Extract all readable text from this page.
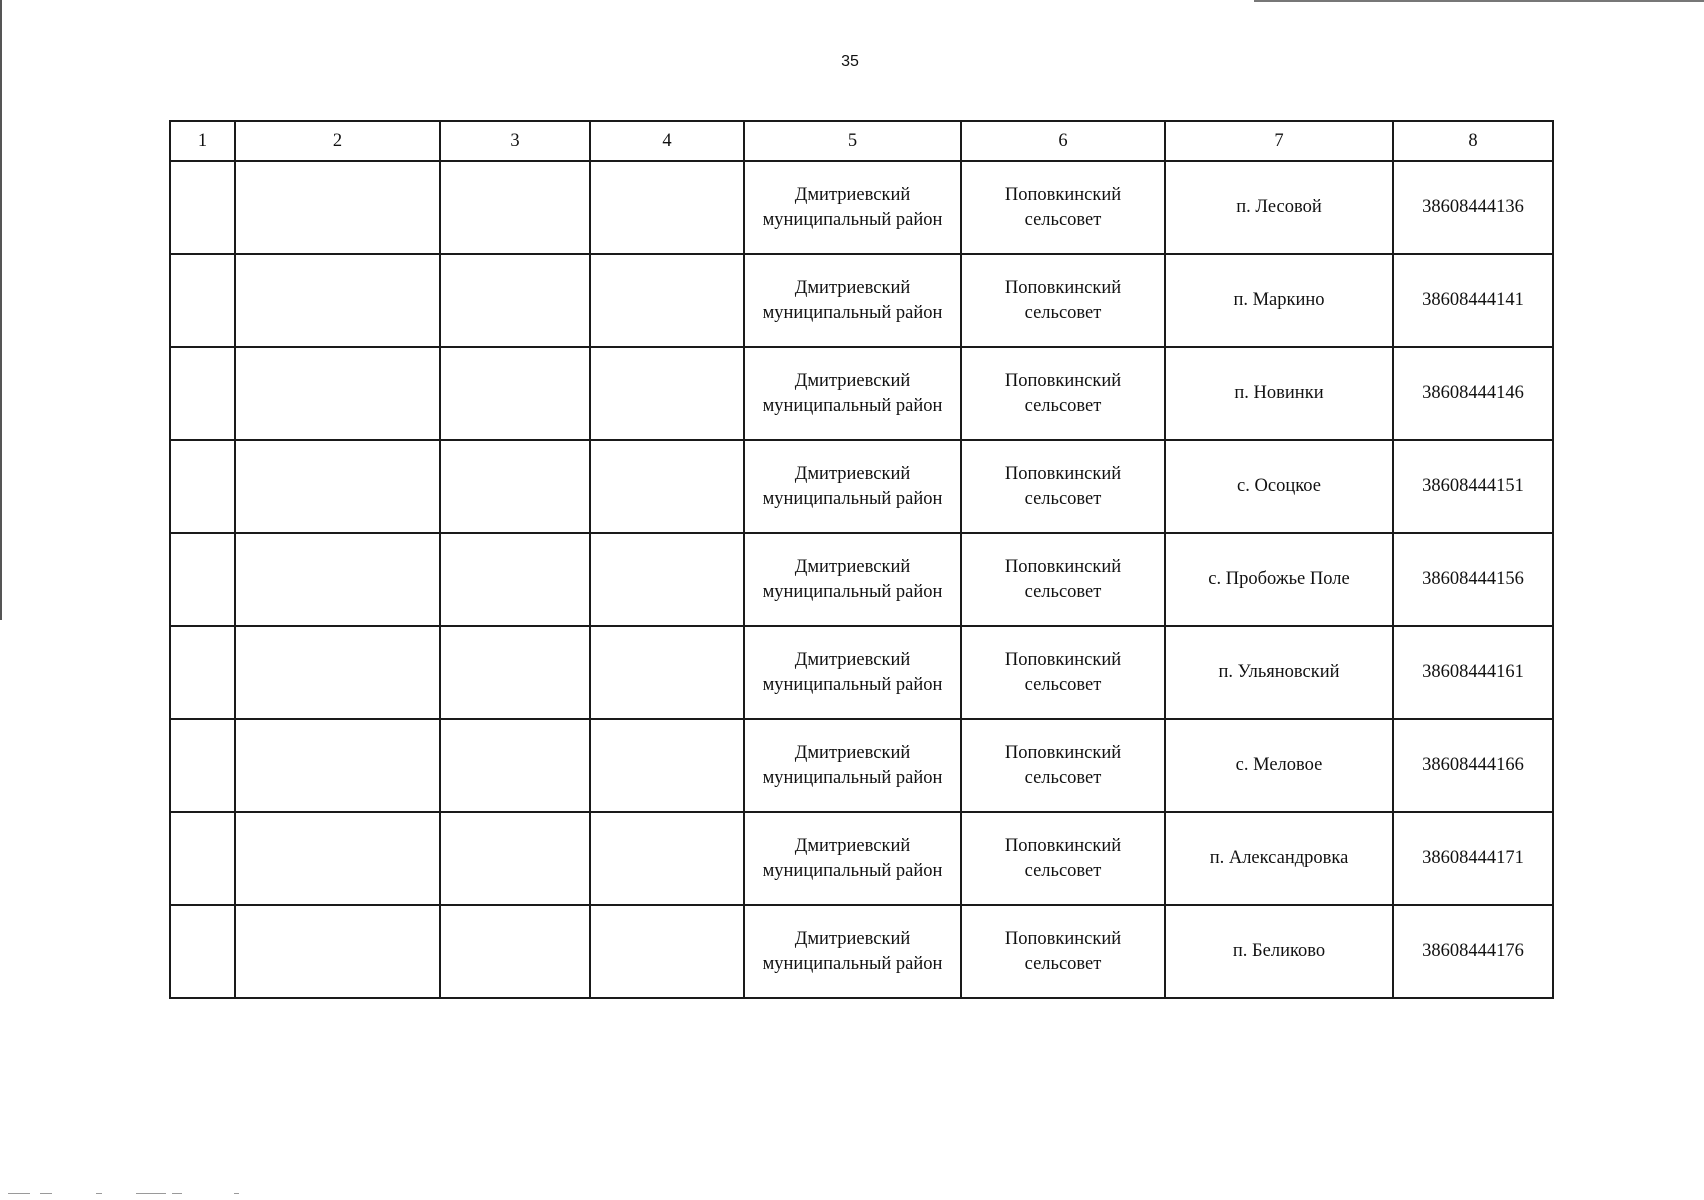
35
1	2	3	4	5	6	7	8
				Дмитриевский
муниципальный район	Поповкинский
сельсовет	п. Лесовой	38608444136
				Дмитриевский
муниципальный район	Поповкинский
сельсовет	п. Маркино	38608444141
				Дмитриевский
муниципальный район	Поповкинский
сельсовет	п. Новинки	38608444146
				Дмитриевский
муниципальный район	Поповкинский
сельсовет	с. Осоцкое	38608444151
				Дмитриевский
муниципальный район	Поповкинский
сельсовет	с. Пробожье Поле	38608444156
				Дмитриевский
муниципальный район	Поповкинский
сельсовет	п. Ульяновский	38608444161
				Дмитриевский
муниципальный район	Поповкинский
сельсовет	с. Меловое	38608444166
				Дмитриевский
муниципальный район	Поповкинский
сельсовет	п. Александровка	38608444171
				Дмитриевский
муниципальный район	Поповкинский
сельсовет	п. Беликово	38608444176
